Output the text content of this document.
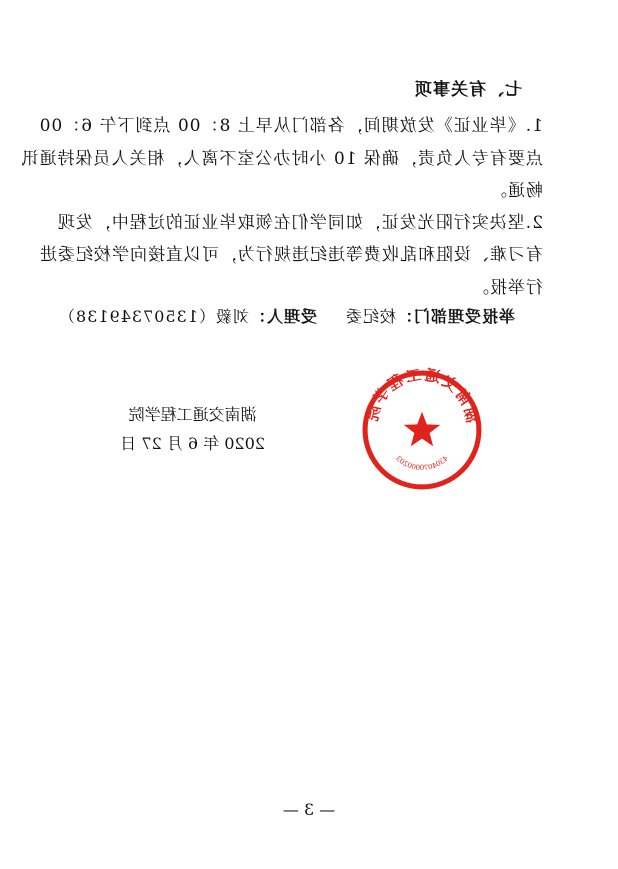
七、有关事项
1.《毕业证》发放期间，各部门从早上 8：00 点到下午 6：00
点要有专人负责，确保 10 小时办公室不离人，相关人员保持通讯
畅通。
2.坚决实行阳光发证，如同学们在领取毕业证的过程中，发现
有刁难、设阻和乱收费等违纪违规行为，可以直接向学校纪委进
行举报。
举报受理部门：校纪委受理人：刘毅（13507349138）
湖南交通工程学院
4304070000203
湖南交通工程学院
2020 年 6 月 27 日
— 3 —
